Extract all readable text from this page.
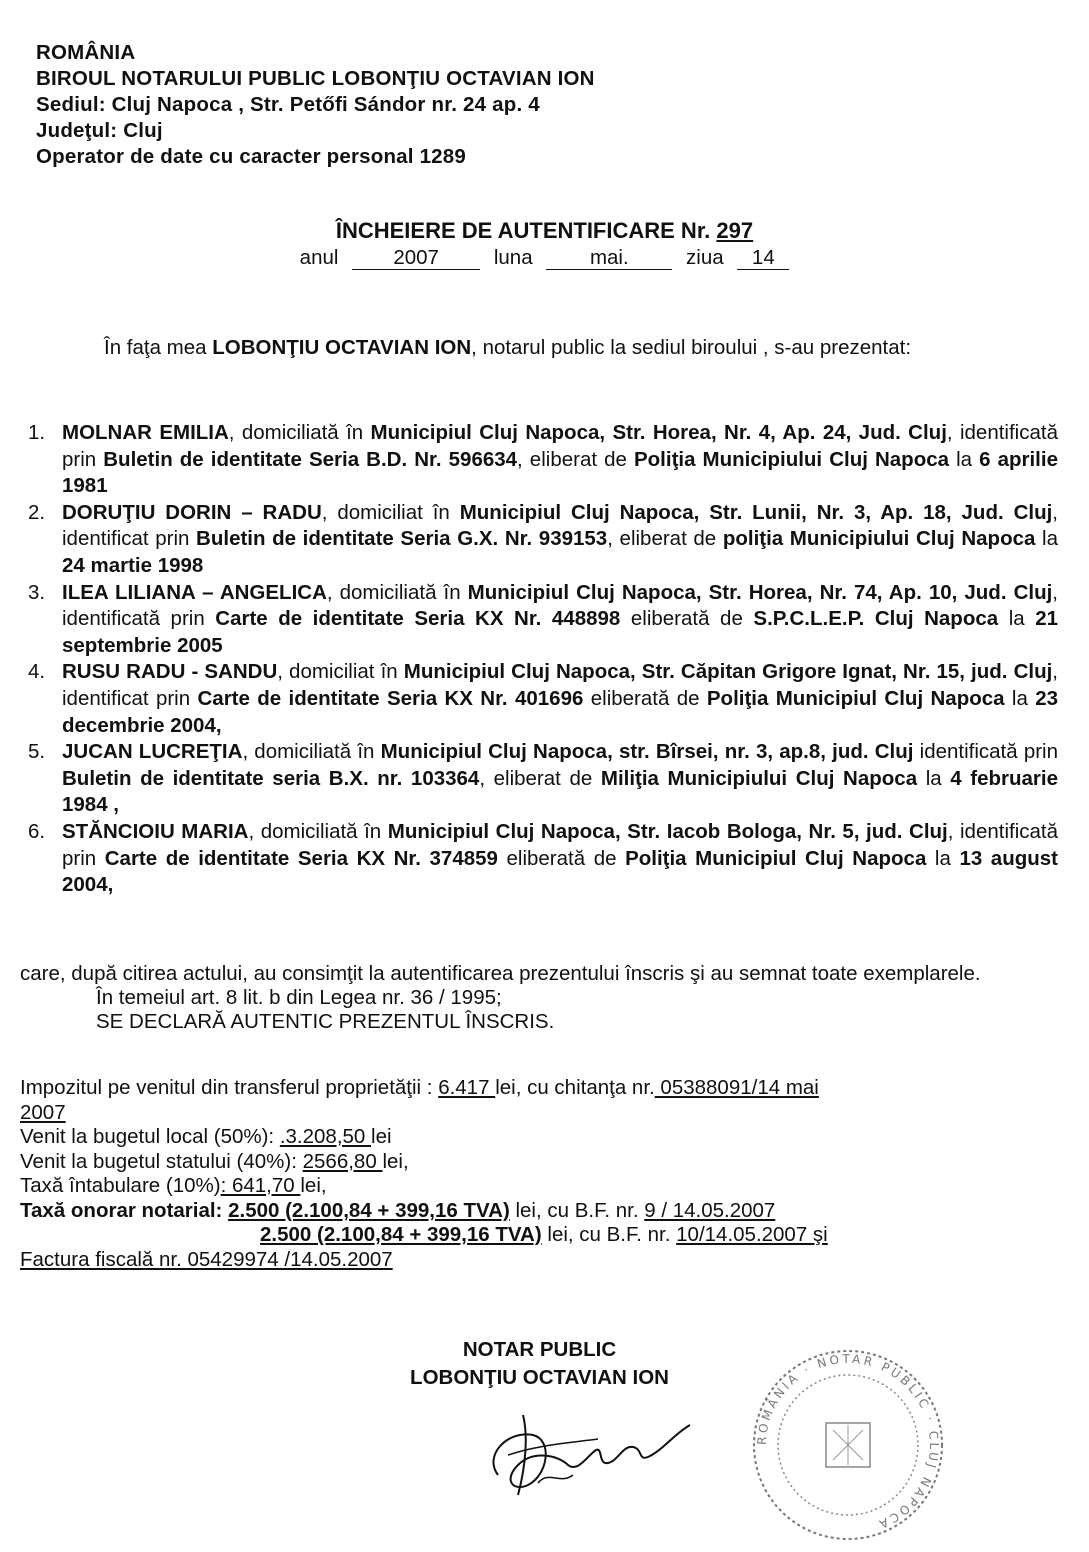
ROMÂNIA
BIROUL NOTARULUI PUBLIC LOBONŢIU OCTAVIAN ION
Sediul: Cluj Napoca , Str. Petőfi Sándor nr. 24 ap. 4
Judeţul: Cluj
Operator de date cu caracter personal 1289
ÎNCHEIERE DE AUTENTIFICARE Nr. 297
anul	2007	luna	mai.	ziua 14
În faţa mea LOBONŢIU OCTAVIAN ION, notarul public la sediul biroului , s-au prezentat:
1. MOLNAR EMILIA, domiciliată în Municipiul Cluj Napoca, Str. Horea, Nr. 4, Ap. 24, Jud. Cluj, identificată prin Buletin de identitate Seria B.D. Nr. 596634, eliberat de Poliţia Municipiului Cluj Napoca la 6 aprilie 1981
2. DORUŢIU DORIN – RADU, domiciliat în Municipiul Cluj Napoca, Str. Lunii, Nr. 3, Ap. 18, Jud. Cluj, identificat prin Buletin de identitate Seria G.X. Nr. 939153, eliberat de poliţia Municipiului Cluj Napoca la 24 martie 1998
3. ILEA LILIANA – ANGELICA, domiciliată în Municipiul Cluj Napoca, Str. Horea, Nr. 74, Ap. 10, Jud. Cluj, identificată prin Carte de identitate Seria KX Nr. 448898 eliberată de S.P.C.L.E.P. Cluj Napoca la 21 septembrie 2005
4. RUSU RADU - SANDU, domiciliat în Municipiul Cluj Napoca, Str. Căpitan Grigore Ignat, Nr. 15, jud. Cluj, identificat prin Carte de identitate Seria KX Nr. 401696 eliberată de Poliţia Municipiul Cluj Napoca la 23 decembrie 2004,
5. JUCAN LUCREŢIA, domiciliată în Municipiul Cluj Napoca, str. Bîrsei, nr. 3, ap.8, jud. Cluj identificată prin Buletin de identitate seria B.X. nr. 103364, eliberat de Miliţia Municipiului Cluj Napoca la 4 februarie 1984 ,
6. STĂNCIOIU MARIA, domiciliată în Municipiul Cluj Napoca, Str. Iacob Bologa, Nr. 5, jud. Cluj, identificată prin Carte de identitate Seria KX Nr. 374859 eliberată de Poliţia Municipiul Cluj Napoca la 13 august 2004,
care, după citirea actului, au consimţit la autentificarea prezentului înscris şi au semnat toate exemplarele.
În temeiul art. 8 lit. b din Legea nr. 36 / 1995;
SE DECLARĂ AUTENTIC PREZENTUL ÎNSCRIS.
Impozitul pe venitul din transferul proprietăţii : 6.417 lei, cu chitanţa nr. 05388091/14 mai
2007
Venit la bugetul local (50%): .3.208,50 lei
Venit la bugetul statului (40%): 2566,80 lei,
Taxă întabulare (10%): 641,70 lei,
Taxă onorar notarial: 2.500 (2.100,84 + 399,16 TVA) lei, cu B.F. nr. 9 / 14.05.2007
2.500 (2.100,84 + 399,16 TVA) lei, cu B.F. nr. 10/14.05.2007 şi
Factura fiscală nr. 05429974 /14.05.2007
NOTAR PUBLIC
LOBONŢIU OCTAVIAN ION
ROMÂNIA · NOTAR PUBLIC · CLUJ NAPOCA
